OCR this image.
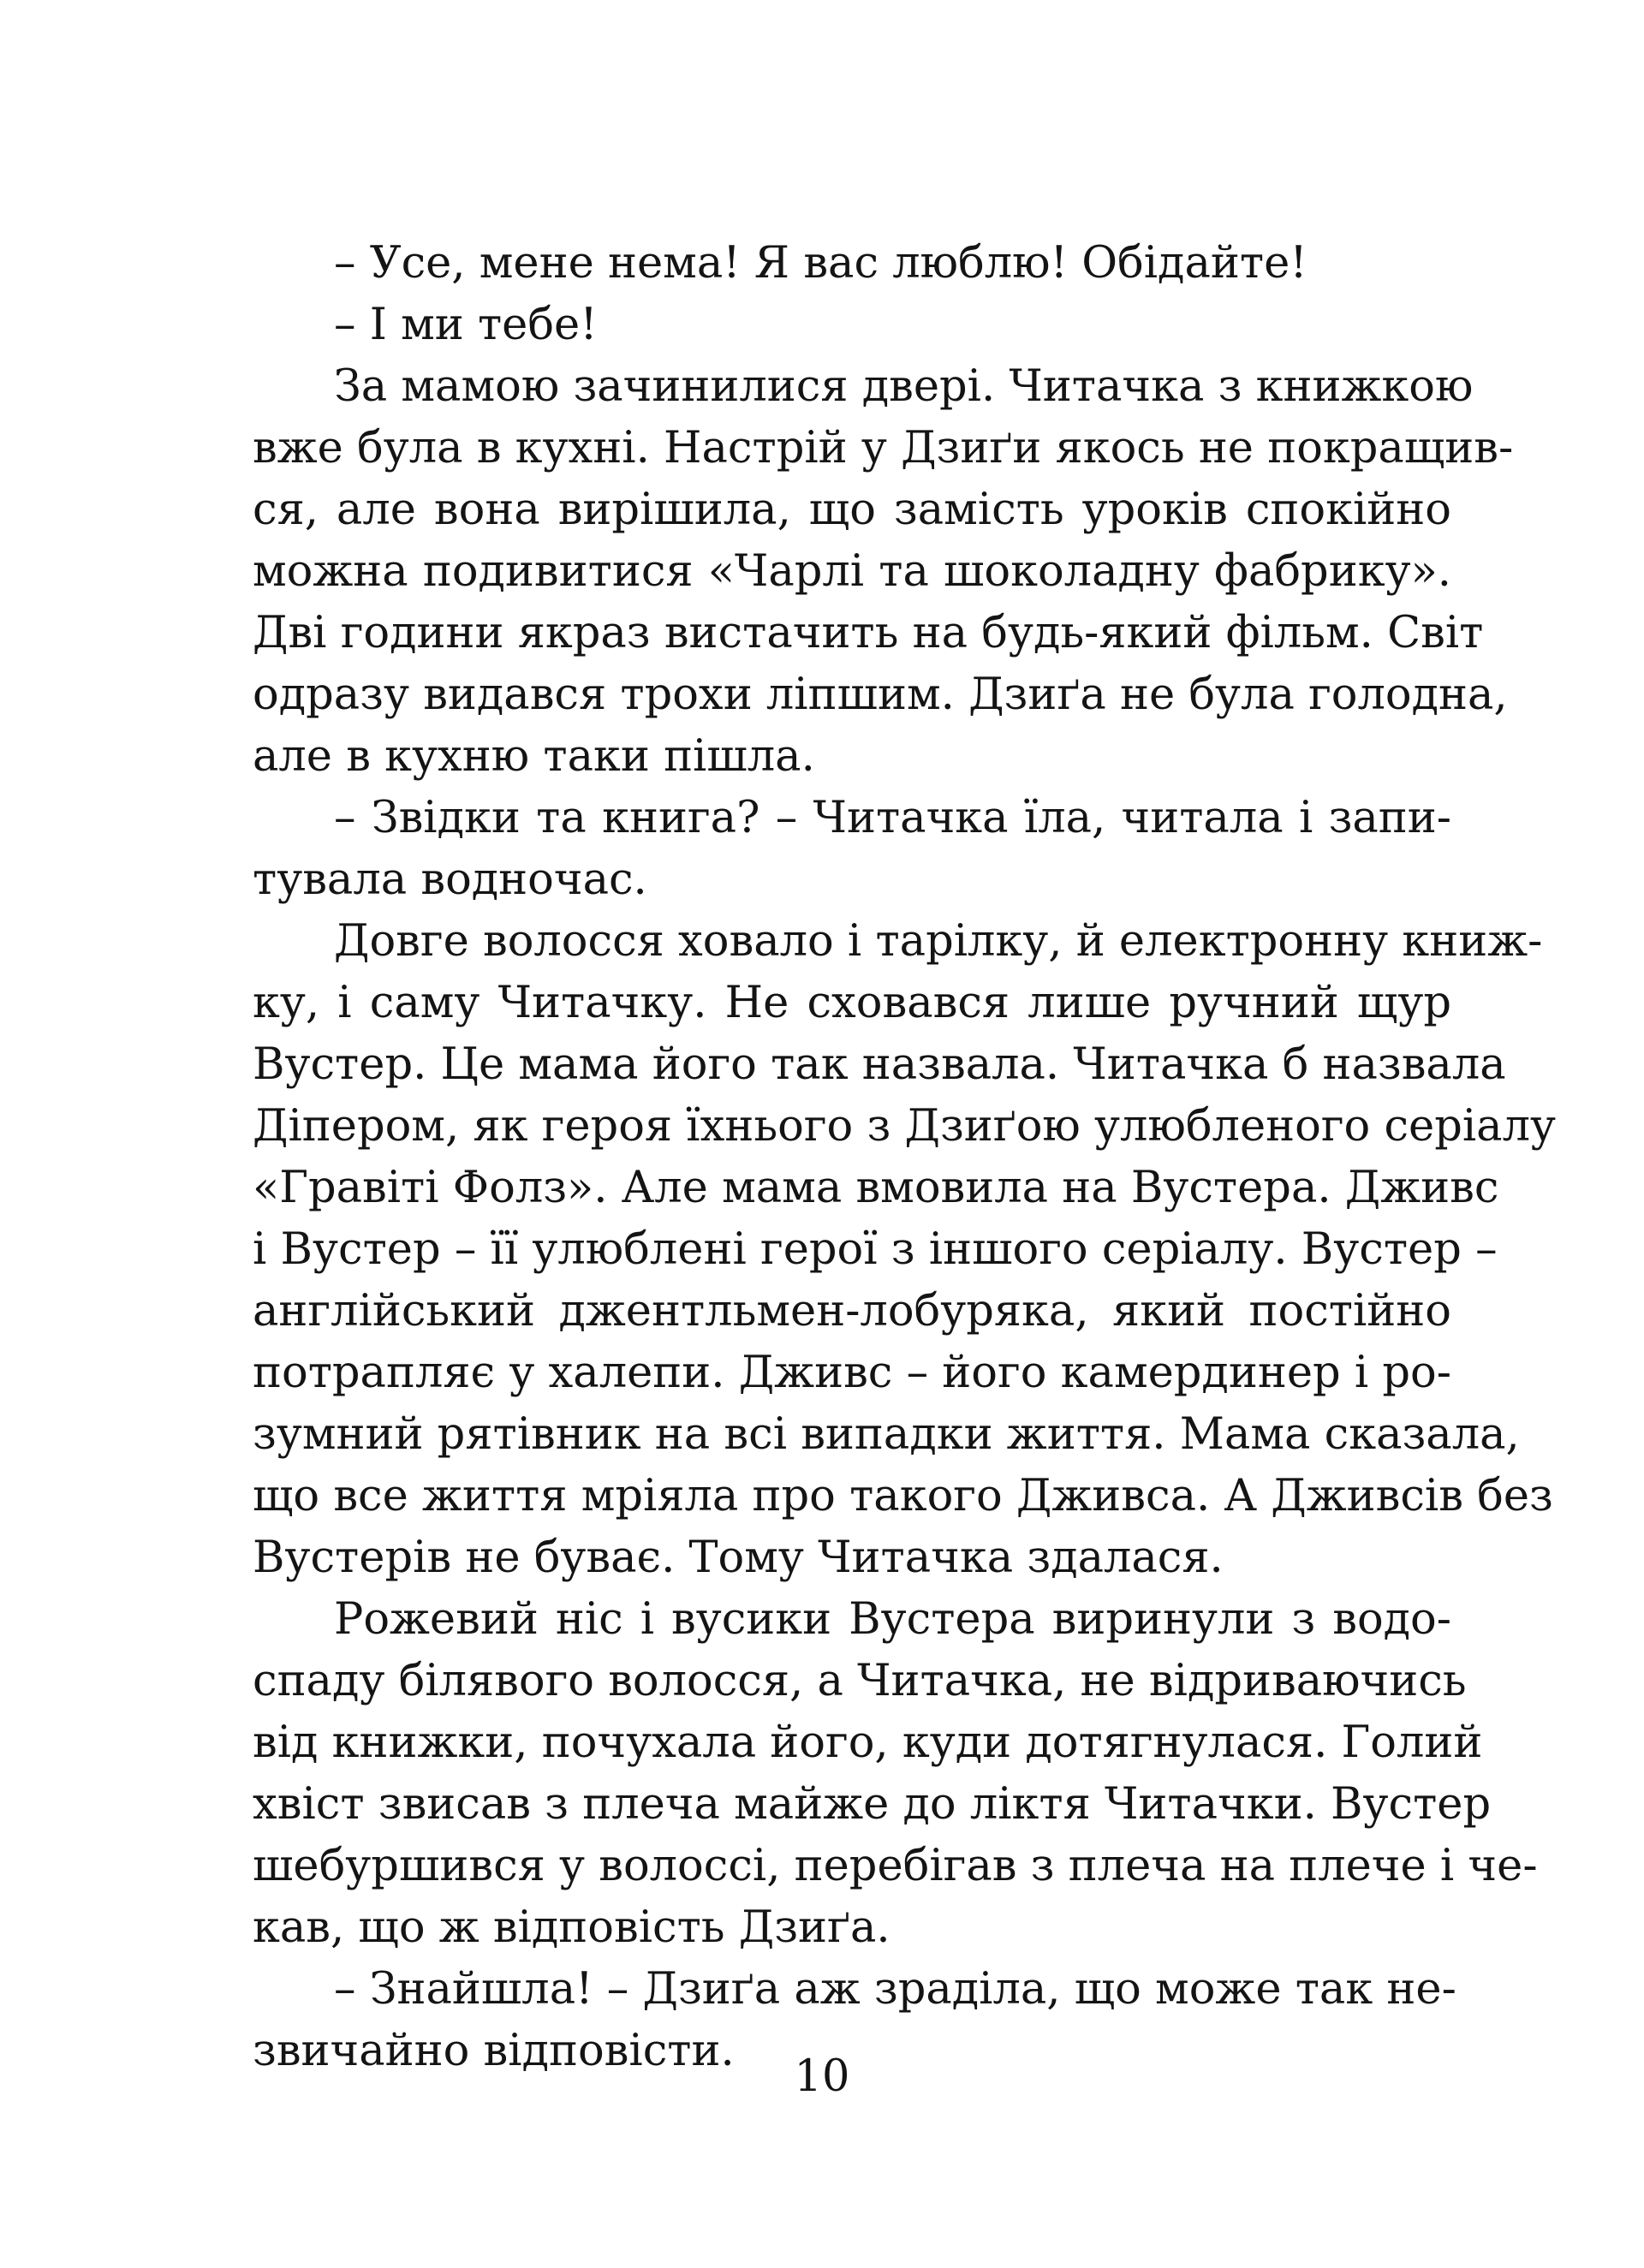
– Усе, мене нема! Я вас люблю! Обідайте!
– І ми тебе!
За мамою зачинилися двері. Читачка з книжкою
вже була в кухні. Настрій у Дзиґи якось не покращив-
ся, але вона вирішила, що замість уроків спокійно
можна подивитися «Чарлі та шоколадну фабрику».
Дві години якраз вистачить на будь-який фільм. Світ
одразу видався трохи ліпшим. Дзиґа не була голодна,
але в кухню таки пішла.
– Звідки та книга? – Читачка їла, читала і запи-
тувала водночас.
Довге волосся ховало і тарілку, й електронну книж-
ку, і саму Читачку. Не сховався лише ручний щур
Вустер. Це мама його так назвала. Читачка б назвала
Діпером, як героя їхнього з Дзиґою улюбленого серіалу
«Гравіті Фолз». Але мама вмовила на Вустера. Дживс
і Вустер – її улюблені герої з іншого серіалу. Вустер –
англійський джентльмен-лобуряка, який постійно
потрапляє у халепи. Дживс – його камердинер і ро-
зумний рятівник на всі випадки життя. Мама сказала,
що все життя мріяла про такого Дживса. А Дживсів без
Вустерів не буває. Тому Читачка здалася.
Рожевий ніс і вусики Вустера виринули з водо-
спаду білявого волосся, а Читачка, не відриваючись
від книжки, почухала його, куди дотягнулася. Голий
хвіст звисав з плеча майже до ліктя Читачки. Вустер
шебуршився у волоссі, перебігав з плеча на плече і че-
кав, що ж відповість Дзиґа.
– Знайшла! – Дзиґа аж зраділа, що може так не-
звичайно відповісти.
10
